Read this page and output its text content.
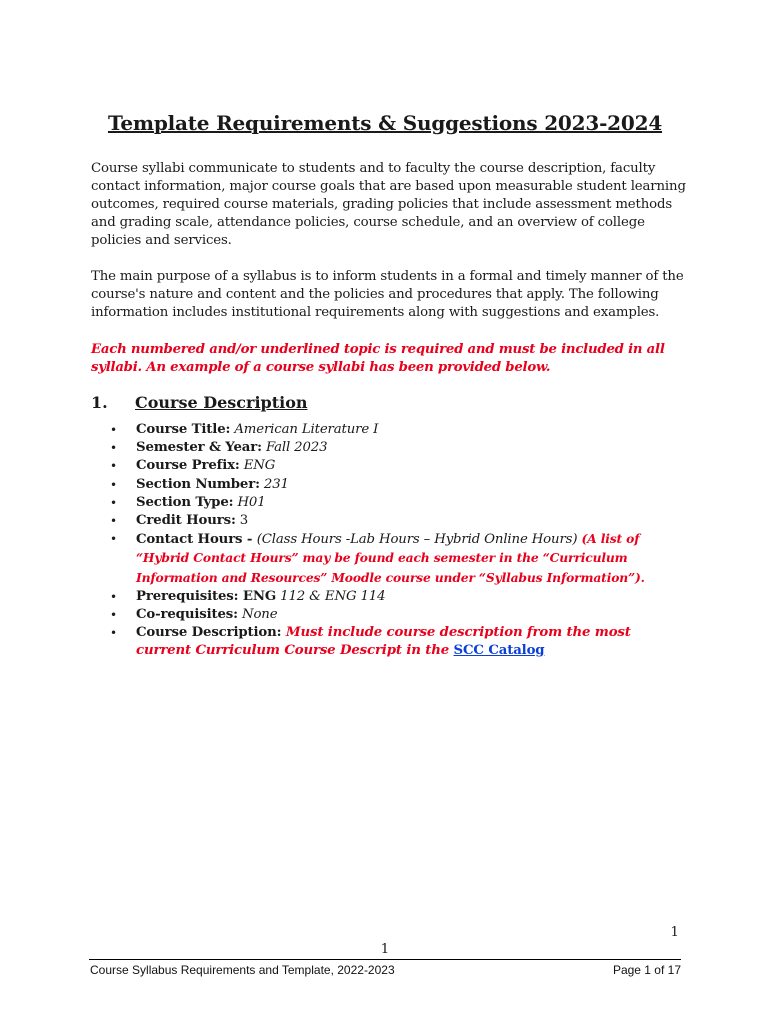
Template Requirements & Suggestions 2023-2024
Course syllabi communicate to students and to faculty the course description, faculty contact information, major course goals that are based upon measurable student learning outcomes, required course materials, grading policies that include assessment methods and grading scale, attendance policies, course schedule, and an overview of college policies and services.
The main purpose of a syllabus is to inform students in a formal and timely manner of the course's nature and content and the policies and procedures that apply. The following information includes institutional requirements along with suggestions and examples.
Each numbered and/or underlined topic is required and must be included in all syllabi. An example of a course syllabi has been provided below.
1. Course Description
•	Course Title: American Literature I
•	Semester & Year: Fall 2023
•	Course Prefix: ENG
•	Section Number: 231
•	Section Type: H01
•	Credit Hours: 3
•	Contact Hours - (Class Hours -Lab Hours – Hybrid Online Hours) (A list of “Hybrid Contact Hours” may be found each semester in the “Curriculum Information and Resources” Moodle course under “Syllabus Information”).
•	Prerequisites: ENG 112 & ENG 114
•	Co-requisites: None
•	Course Description: Must include course description from the most current Curriculum Course Descript in the SCC Catalog
1
1
Course Syllabus Requirements and Template, 2022-2023	Page 1 of 17
